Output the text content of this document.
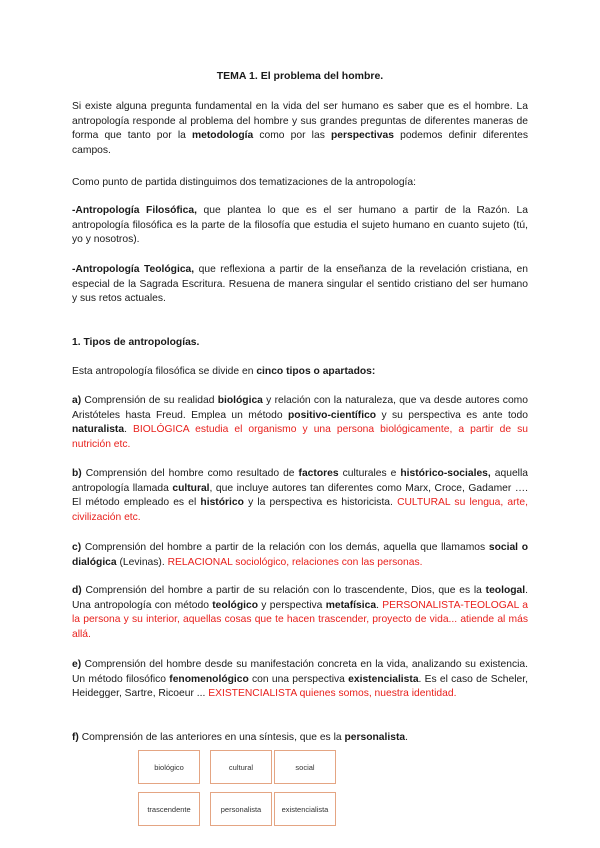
TEMA 1. El problema del hombre.

Si existe alguna pregunta fundamental en la vida del ser humano es saber que es el hombre. La antropología responde al problema del hombre y sus grandes preguntas de diferentes maneras de forma que tanto por la metodología como por las perspectivas podemos definir diferentes campos.

Como punto de partida distinguimos dos tematizaciones de la antropología:

-Antropología Filosófica, que plantea lo que es el ser humano a partir de la Razón. La antropología filosófica es la parte de la filosofía que estudia el sujeto humano en cuanto sujeto (tú, yo y nosotros).

-Antropología Teológica, que reflexiona a partir de la enseñanza de la revelación cristiana, en especial de la Sagrada Escritura. Resuena de manera singular el sentido cristiano del ser humano y sus retos actuales.

1. Tipos de antropologías.

Esta antropología filosófica se divide en cinco tipos o apartados:

a) Comprensión de su realidad biológica y relación con la naturaleza, que va desde autores como Aristóteles hasta Freud. Emplea un método positivo-científico y su perspectiva es ante todo naturalista. BIOLÓGICA estudia el organismo y una persona biológicamente, a partir de su nutrición etc.

b) Comprensión del hombre como resultado de factores culturales e histórico-sociales, aquella antropología llamada cultural, que incluye autores tan diferentes como Marx, Croce, Gadamer …. El método empleado es el histórico y la perspectiva es historicista. CULTURAL su lengua, arte, civilización etc.

c) Comprensión del hombre a partir de la relación con los demás, aquella que llamamos social o dialógica (Levinas). RELACIONAL sociológico, relaciones con las personas.

d) Comprensión del hombre a partir de su relación con lo trascendente, Dios, que es la teologal. Una antropología con método teológico y perspectiva metafísica. PERSONALISTA-TEOLOGAL a la persona y su interior, aquellas cosas que te hacen trascender, proyecto de vida... atiende al más allá.

e) Comprensión del hombre desde su manifestación concreta en la vida, analizando su existencia. Un método filosófico fenomenológico con una perspectiva existencialista. Es el caso de Scheler, Heidegger, Sartre, Ricoeur ... EXISTENCIALISTA quienes somos, nuestra identidad.

f) Comprensión de las anteriores en una síntesis, que es la personalista.

biológico	cultural	social
trascendente	personalista	existencialista
